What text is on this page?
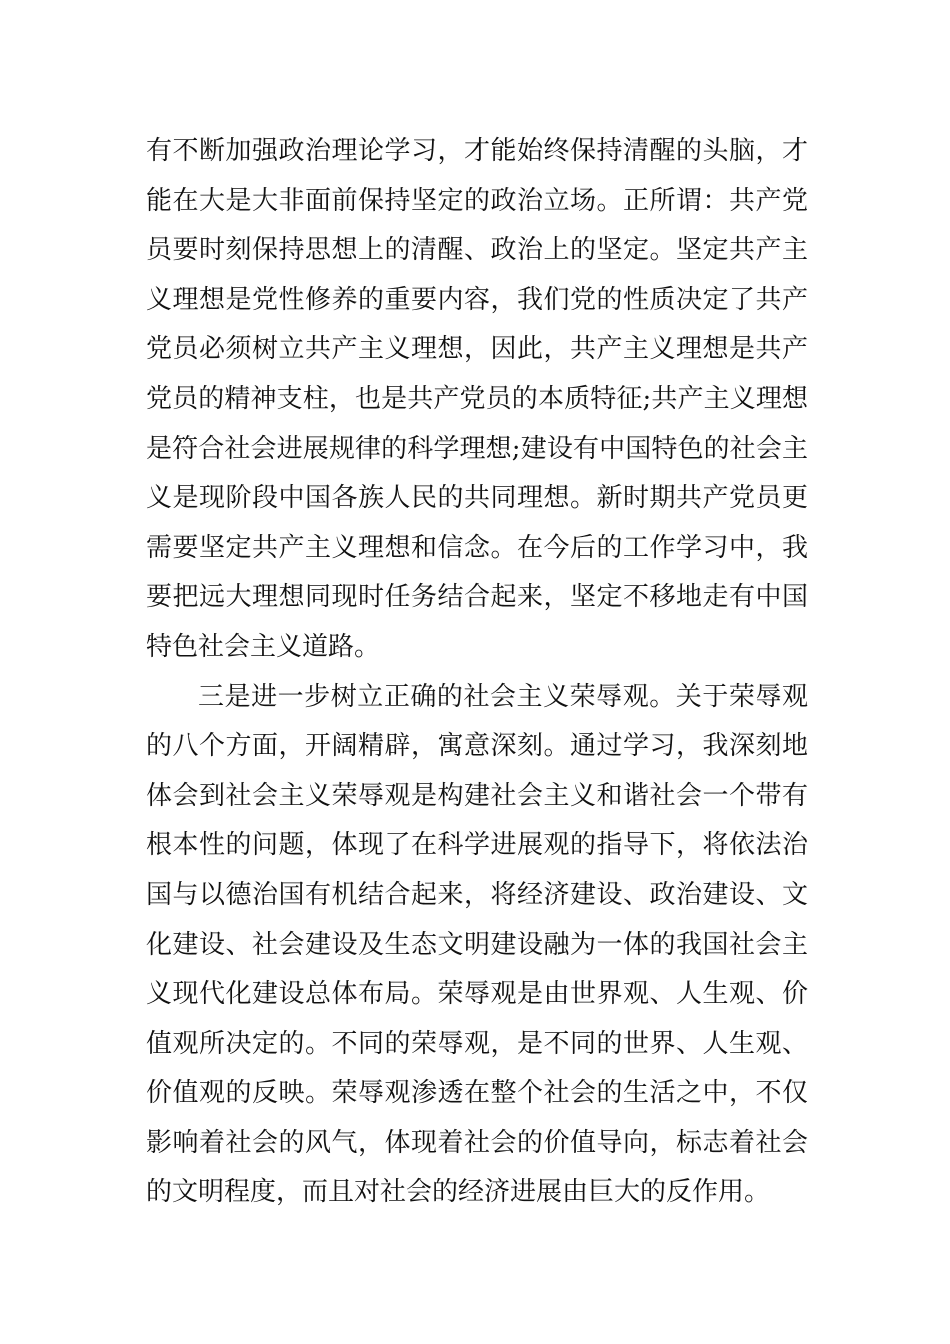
有不断加强政治理论学习，才能始终保持清醒的头脑，才
能在大是大非面前保持坚定的政治立场。正所谓：共产党
员要时刻保持思想上的清醒、政治上的坚定。坚定共产主
义理想是党性修养的重要内容，我们党的性质决定了共产
党员必须树立共产主义理想，因此，共产主义理想是共产
党员的精神支柱，也是共产党员的本质特征;共产主义理想
是符合社会进展规律的科学理想;建设有中国特色的社会主
义是现阶段中国各族人民的共同理想。新时期共产党员更
需要坚定共产主义理想和信念。在今后的工作学习中，我
要把远大理想同现时任务结合起来，坚定不移地走有中国
特色社会主义道路。
三是进一步树立正确的社会主义荣辱观。关于荣辱观
的八个方面，开阔精辟，寓意深刻。通过学习，我深刻地
体会到社会主义荣辱观是构建社会主义和谐社会一个带有
根本性的问题，体现了在科学进展观的指导下，将依法治
国与以德治国有机结合起来，将经济建设、政治建设、文
化建设、社会建设及生态文明建设融为一体的我国社会主
义现代化建设总体布局。荣辱观是由世界观、人生观、价
值观所决定的。不同的荣辱观，是不同的世界、人生观、
价值观的反映。荣辱观渗透在整个社会的生活之中，不仅
影响着社会的风气，体现着社会的价值导向，标志着社会
的文明程度，而且对社会的经济进展由巨大的反作用。
